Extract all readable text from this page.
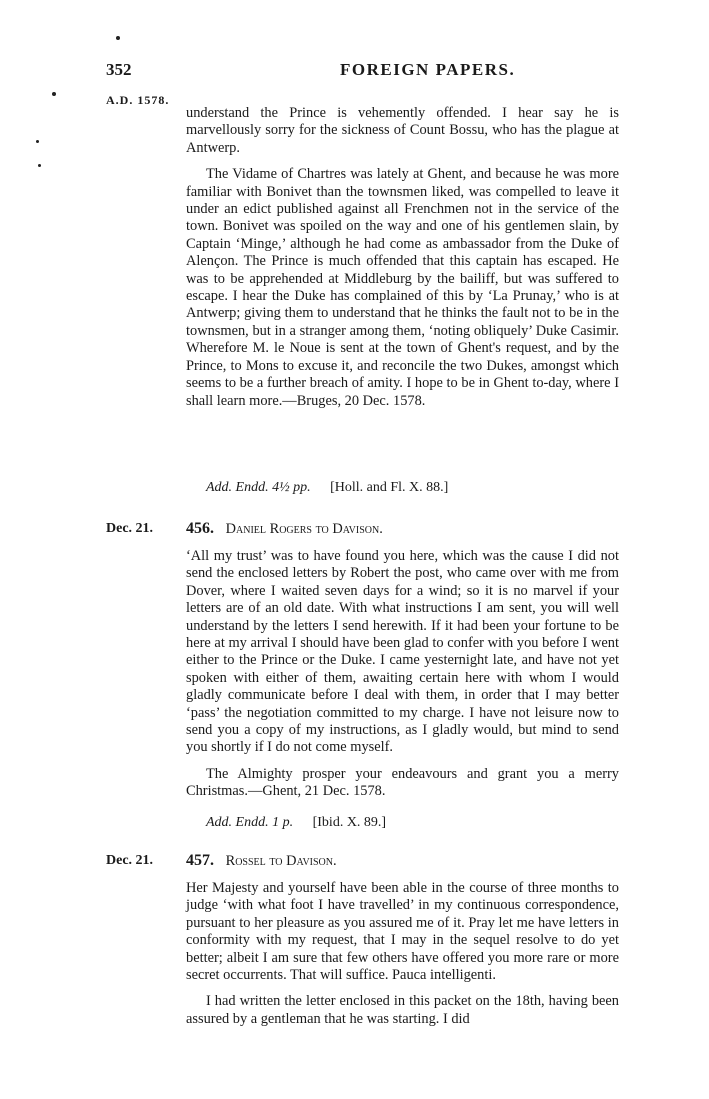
352	FOREIGN PAPERS.
A.D. 1578.

understand the Prince is vehemently offended. I hear say he is marvellously sorry for the sickness of Count Bossu, who has the plague at Antwerp.

The Vidame of Chartres was lately at Ghent, and because he was more familiar with Bonivet than the townsmen liked, was compelled to leave it under an edict published against all Frenchmen not in the service of the town. Bonivet was spoiled on the way and one of his gentlemen slain, by Captain ‘Minge,’ although he had come as ambassador from the Duke of Alençon. The Prince is much offended that this captain has escaped. He was to be apprehended at Middleburg by the bailiff, but was suffered to escape. I hear the Duke has complained of this by ‘La Prunay,’ who is at Antwerp; giving them to understand that he thinks the fault not to be in the townsmen, but in a stranger among them, ‘noting obliquely’ Duke Casimir. Wherefore M. le Noue is sent at the town of Ghent's request, and by the Prince, to Mons to excuse it, and reconcile the two Dukes, amongst which seems to be a further breach of amity. I hope to be in Ghent to-day, where I shall learn more.—Bruges, 20 Dec. 1578.

Add. Endd. 4½ pp. [Holl. and Fl. X. 88.]
Dec. 21. 456. Daniel Rogers to Davison.

‘All my trust’ was to have found you here, which was the cause I did not send the enclosed letters by Robert the post, who came over with me from Dover, where I waited seven days for a wind; so it is no marvel if your letters are of an old date. With what instructions I am sent, you will well understand by the letters I send herewith. If it had been your fortune to be here at my arrival I should have been glad to confer with you before I went either to the Prince or the Duke. I came yesternight late, and have not yet spoken with either of them, awaiting certain here with whom I would gladly communicate before I deal with them, in order that I may better ‘pass’ the negotiation committed to my charge. I have not leisure now to send you a copy of my instructions, as I gladly would, but mind to send you shortly if I do not come myself.

The Almighty prosper your endeavours and grant you a merry Christmas.—Ghent, 21 Dec. 1578.

Add. Endd. 1 p. [Ibid. X. 89.]
Dec. 21. 457. Rossel to Davison.

Her Majesty and yourself have been able in the course of three months to judge ‘with what foot I have travelled’ in my continuous correspondence, pursuant to her pleasure as you assured me of it. Pray let me have letters in conformity with my request, that I may in the sequel resolve to do yet better; albeit I am sure that few others have offered you more rare or more secret occurrents. That will suffice. Pauca intelligenti.

I had written the letter enclosed in this packet on the 18th, having been assured by a gentleman that he was starting. I did
